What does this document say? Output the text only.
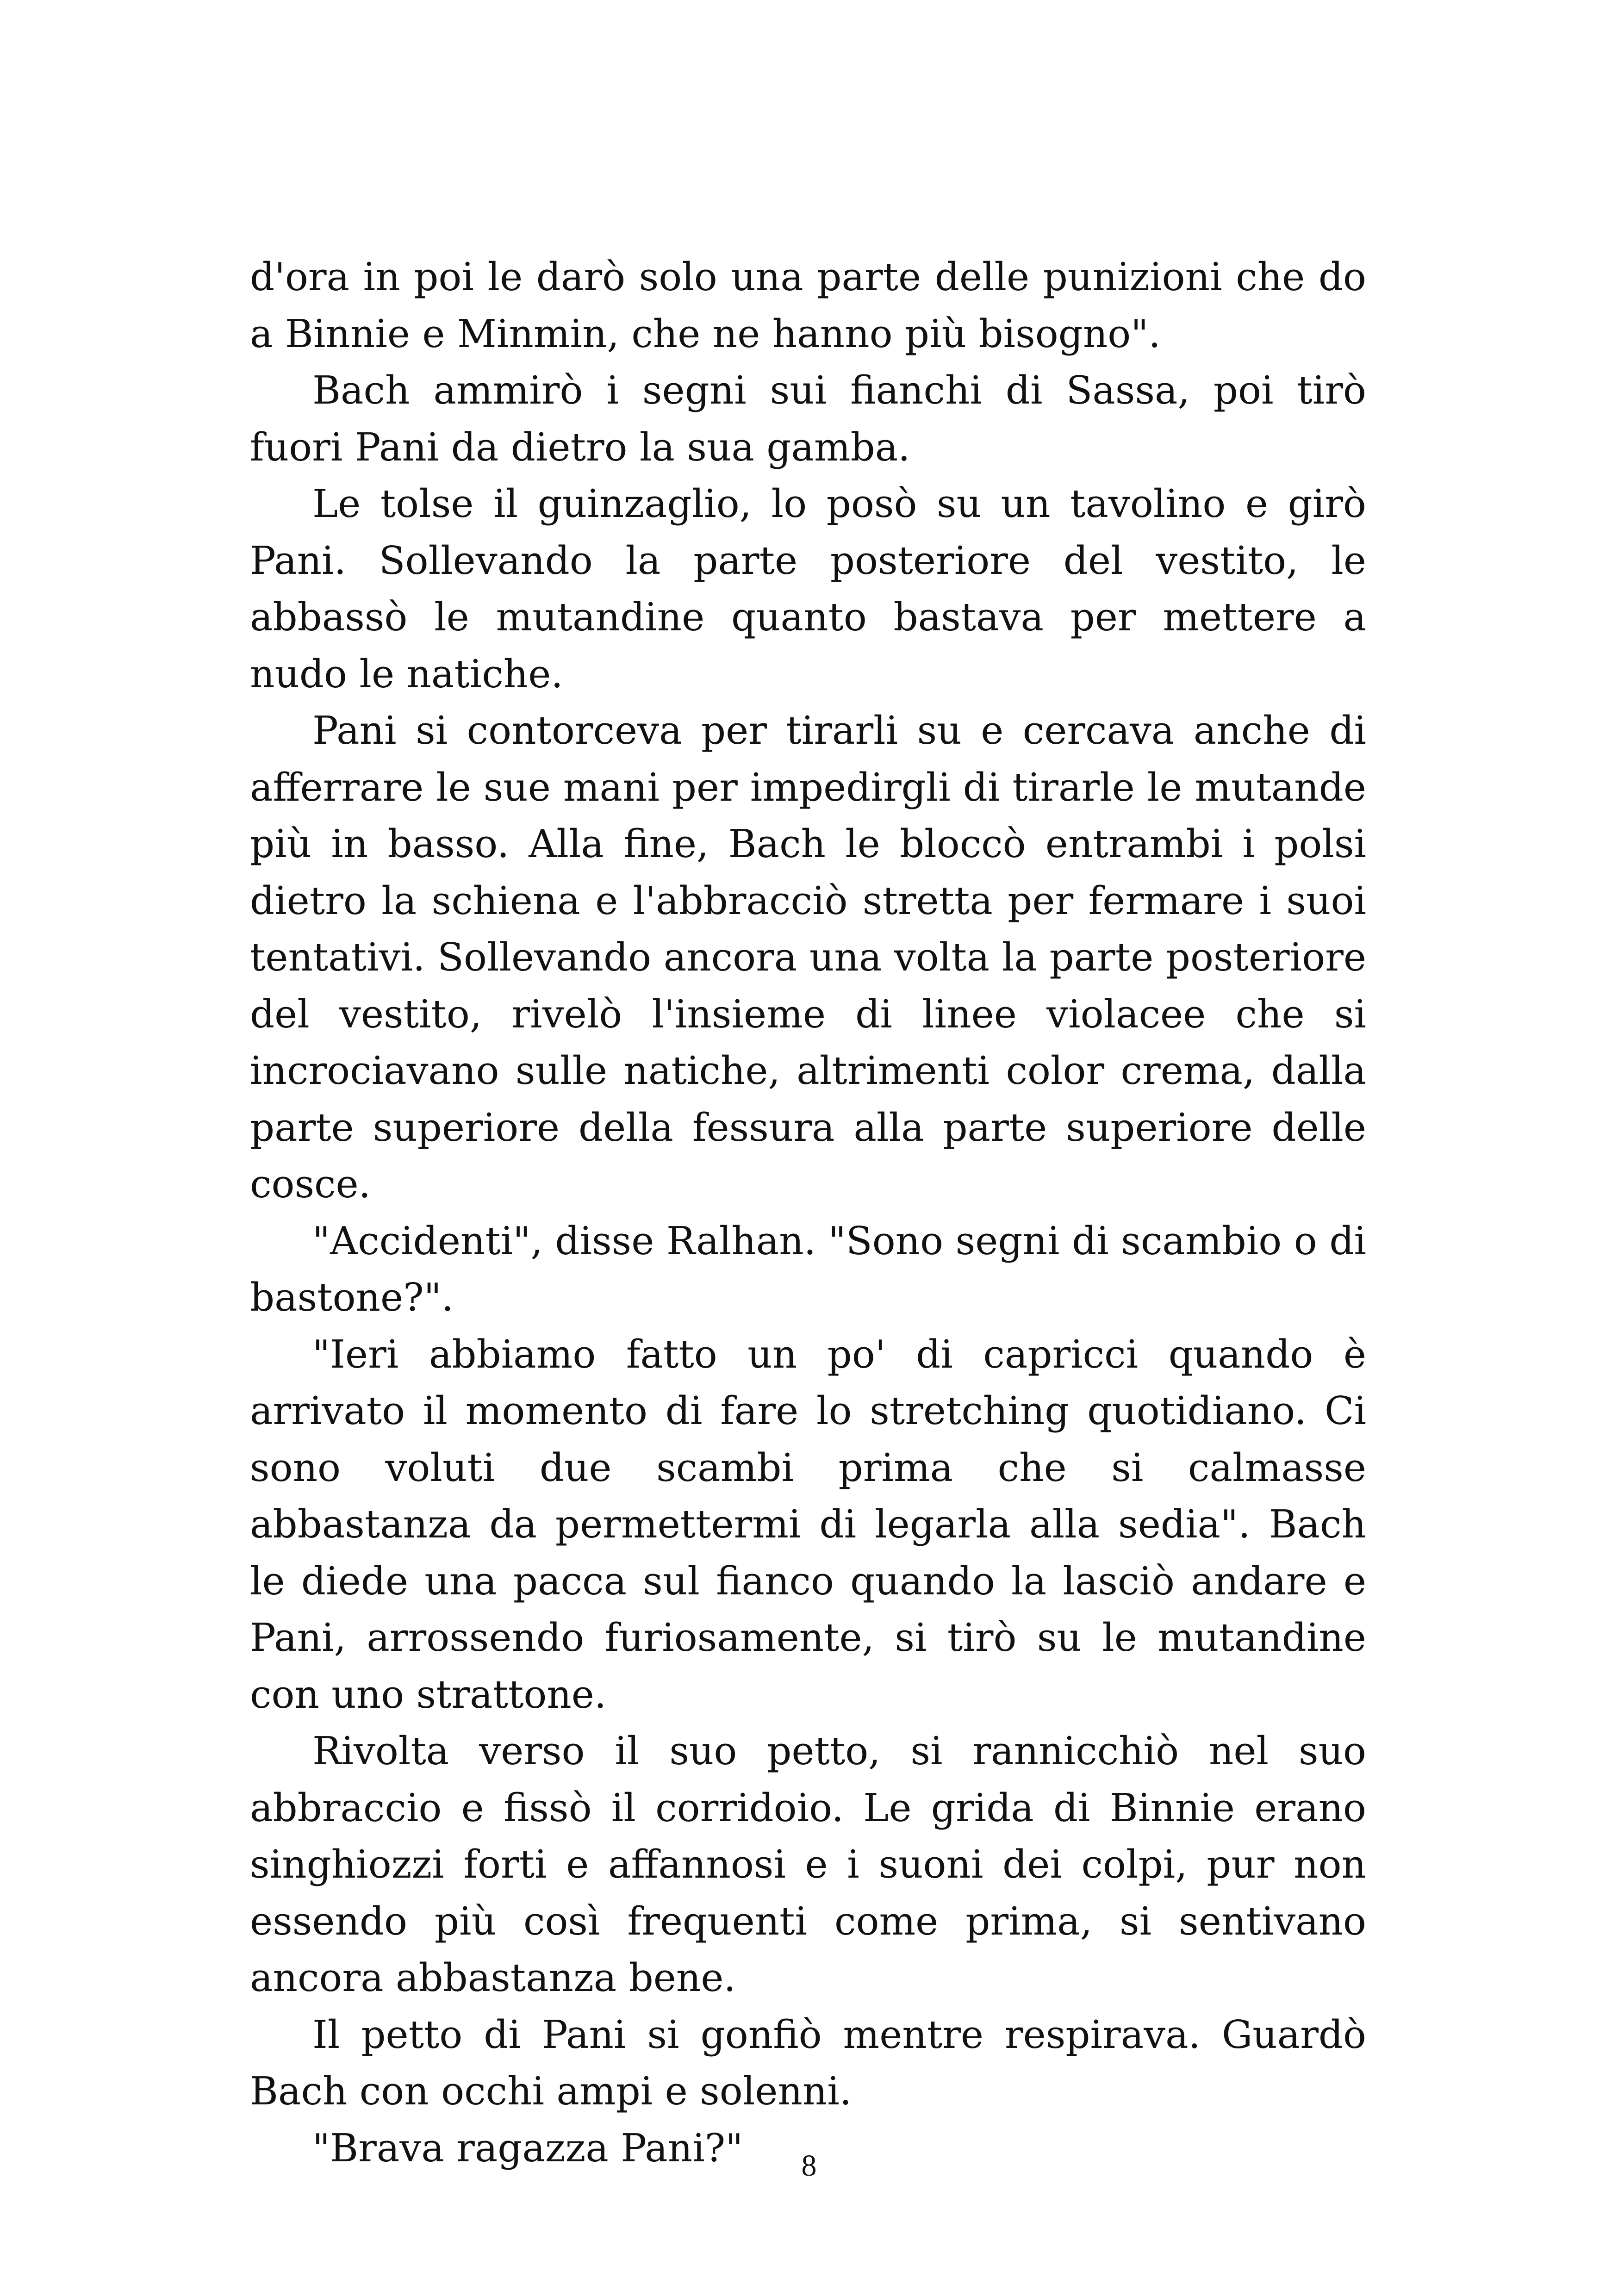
d'ora in poi le darò solo una parte delle punizioni che do a Binnie e Minmin, che ne hanno più bisogno".

Bach ammirò i segni sui fianchi di Sassa, poi tirò fuori Pani da dietro la sua gamba.

Le tolse il guinzaglio, lo posò su un tavolino e girò Pani. Sollevando la parte posteriore del vestito, le abbassò le mutandine quanto bastava per mettere a nudo le natiche.

Pani si contorceva per tirarli su e cercava anche di afferrare le sue mani per impedirgli di tirarle le mutande più in basso. Alla fine, Bach le bloccò entrambi i polsi dietro la schiena e l'abbracciò stretta per fermare i suoi tentativi. Sollevando ancora una volta la parte posteriore del vestito, rivelò l'insieme di linee violacee che si incrociavano sulle natiche, altrimenti color crema, dalla parte superiore della fessura alla parte superiore delle cosce.

"Accidenti", disse Ralhan. "Sono segni di scambio o di bastone?".

"Ieri abbiamo fatto un po' di capricci quando è arrivato il momento di fare lo stretching quotidiano. Ci sono voluti due scambi prima che si calmasse abbastanza da permettermi di legarla alla sedia". Bach le diede una pacca sul fianco quando la lasciò andare e Pani, arrossendo furiosamente, si tirò su le mutandine con uno strattone.

Rivolta verso il suo petto, si rannicchiò nel suo abbraccio e fissò il corridoio. Le grida di Binnie erano singhiozzi forti e affannosi e i suoni dei colpi, pur non essendo più così frequenti come prima, si sentivano ancora abbastanza bene.

Il petto di Pani si gonfiò mentre respirava. Guardò Bach con occhi ampi e solenni.

"Brava ragazza Pani?"	8
